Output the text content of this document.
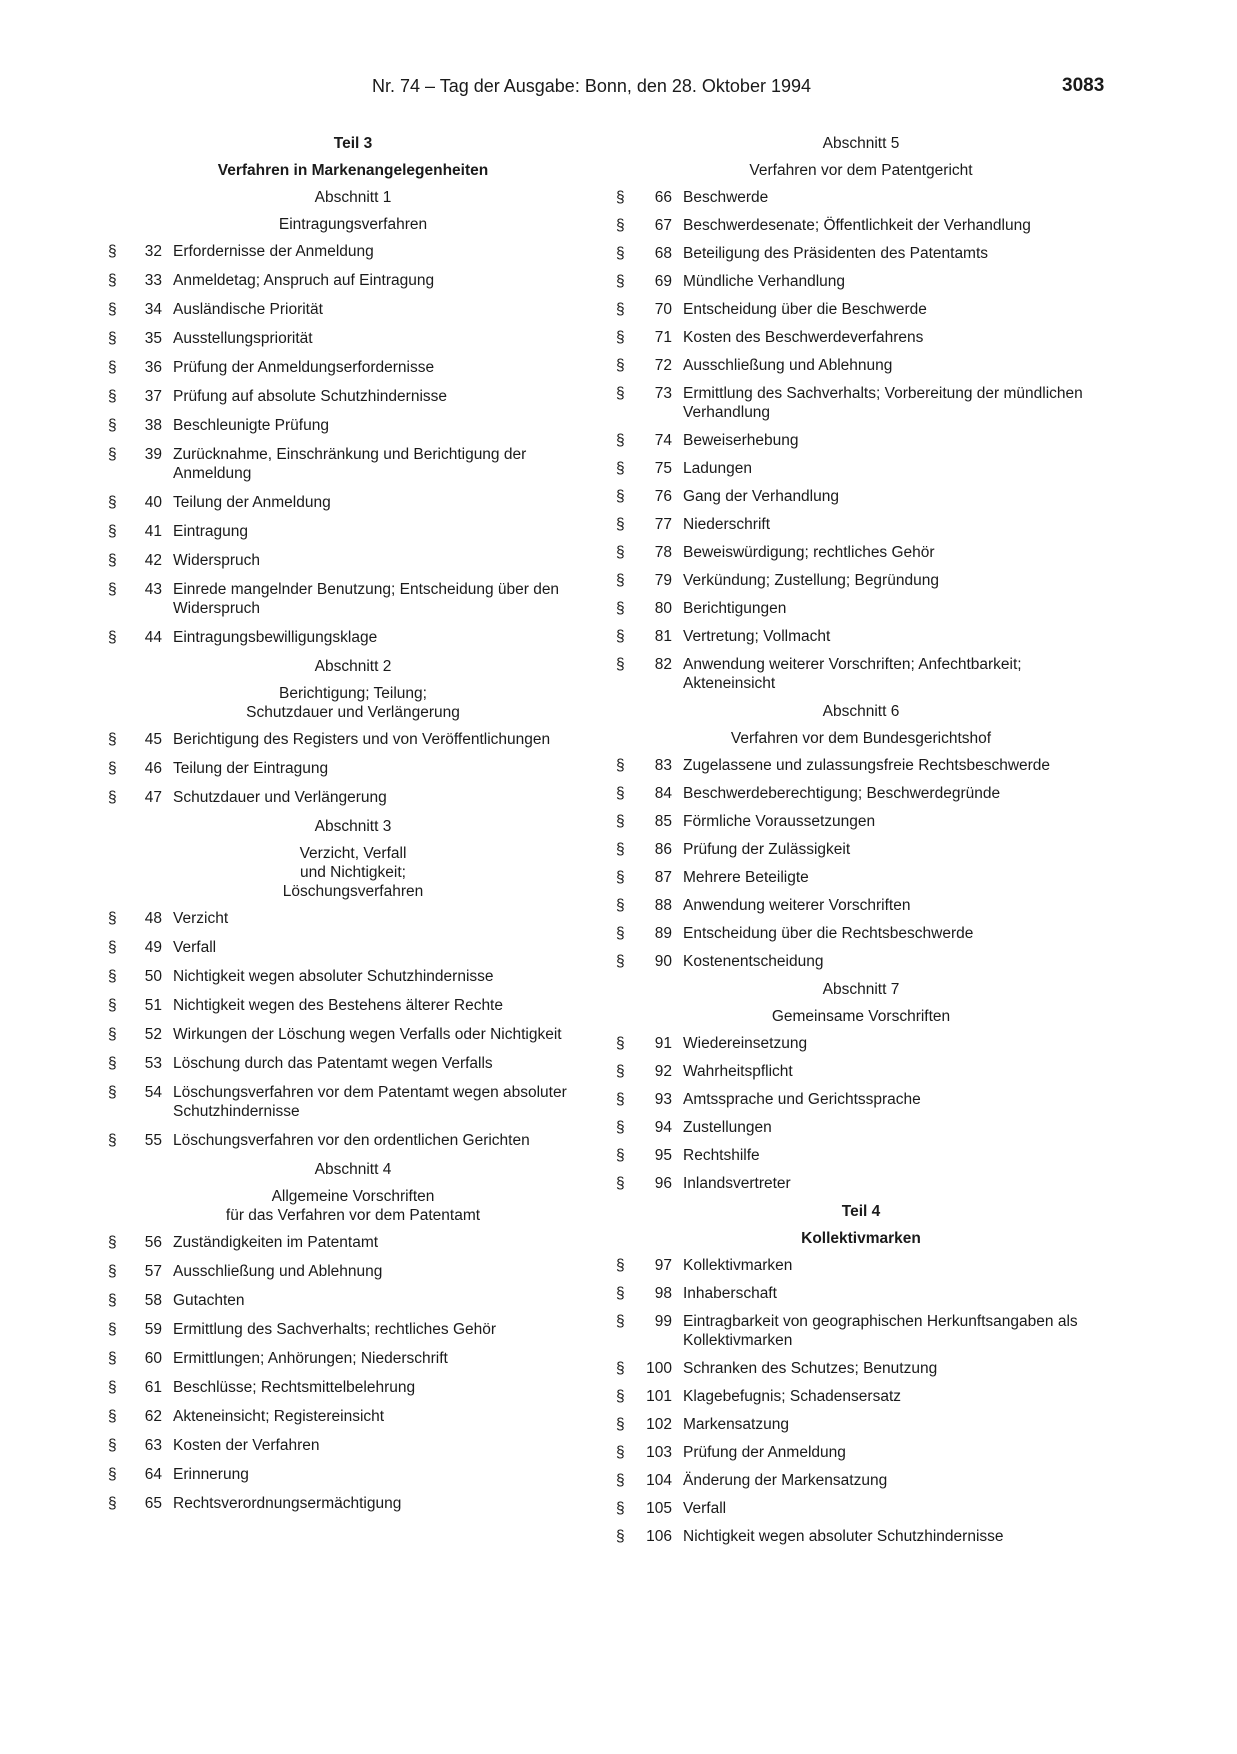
Nr. 74 – Tag der Ausgabe: Bonn, den 28. Oktober 1994	3083
Teil 3
Verfahren in Markenangelegenheiten
Abschnitt 1
Eintragungsverfahren
§	32 Erfordernisse der Anmeldung
§	33 Anmeldetag; Anspruch auf Eintragung
§	34 Ausländische Priorität
§	35 Ausstellungspriorität
§	36 Prüfung der Anmeldungserfordernisse
§	37 Prüfung auf absolute Schutzhindernisse
§	38 Beschleunigte Prüfung
§	39 Zurücknahme, Einschränkung und Berichtigung der Anmeldung
§	40 Teilung der Anmeldung
§	41 Eintragung
§	42 Widerspruch
§	43 Einrede mangelnder Benutzung; Entscheidung über den Widerspruch
§	44 Eintragungsbewilligungsklage
Abschnitt 2
Berichtigung; Teilung;
Schutzdauer und Verlängerung
§	45 Berichtigung des Registers und von Veröffentlichungen
§	46 Teilung der Eintragung
§	47 Schutzdauer und Verlängerung
Abschnitt 3
Verzicht, Verfall
und Nichtigkeit;
Löschungsverfahren
§	48 Verzicht
§	49 Verfall
§	50 Nichtigkeit wegen absoluter Schutzhindernisse
§	51 Nichtigkeit wegen des Bestehens älterer Rechte
§	52 Wirkungen der Löschung wegen Verfalls oder Nichtigkeit
§	53 Löschung durch das Patentamt wegen Verfalls
§	54 Löschungsverfahren vor dem Patentamt wegen absoluter Schutzhindernisse
§	55 Löschungsverfahren vor den ordentlichen Gerichten
Abschnitt 4
Allgemeine Vorschriften
für das Verfahren vor dem Patentamt
§	56 Zuständigkeiten im Patentamt
§	57 Ausschließung und Ablehnung
§	58 Gutachten
§	59 Ermittlung des Sachverhalts; rechtliches Gehör
§	60 Ermittlungen; Anhörungen; Niederschrift
§	61 Beschlüsse; Rechtsmittelbelehrung
§	62 Akteneinsicht; Registereinsicht
§	63 Kosten der Verfahren
§	64 Erinnerung
§	65 Rechtsverordnungsermächtigung
Abschnitt 5
Verfahren vor dem Patentgericht
§	66 Beschwerde
§	67 Beschwerdesenate; Öffentlichkeit der Verhandlung
§	68 Beteiligung des Präsidenten des Patentamts
§	69 Mündliche Verhandlung
§	70 Entscheidung über die Beschwerde
§	71 Kosten des Beschwerdeverfahrens
§	72 Ausschließung und Ablehnung
§	73 Ermittlung des Sachverhalts; Vorbereitung der mündlichen Verhandlung
§	74 Beweiserhebung
§	75 Ladungen
§	76 Gang der Verhandlung
§	77 Niederschrift
§	78 Beweiswürdigung; rechtliches Gehör
§	79 Verkündung; Zustellung; Begründung
§	80 Berichtigungen
§	81 Vertretung; Vollmacht
§	82 Anwendung weiterer Vorschriften; Anfechtbarkeit; Akteneinsicht
Abschnitt 6
Verfahren vor dem Bundesgerichtshof
§	83 Zugelassene und zulassungsfreie Rechtsbeschwerde
§	84 Beschwerdeberechtigung; Beschwerdegründe
§	85 Förmliche Voraussetzungen
§	86 Prüfung der Zulässigkeit
§	87 Mehrere Beteiligte
§	88 Anwendung weiterer Vorschriften
§	89 Entscheidung über die Rechtsbeschwerde
§	90 Kostenentscheidung
Abschnitt 7
Gemeinsame Vorschriften
§	91 Wiedereinsetzung
§	92 Wahrheitspflicht
§	93 Amtssprache und Gerichtssprache
§	94 Zustellungen
§	95 Rechtshilfe
§	96 Inlandsvertreter
Teil 4
Kollektivmarken
§	97 Kollektivmarken
§	98 Inhaberschaft
§	99 Eintragbarkeit von geographischen Herkunftsangaben als Kollektivmarken
§	100 Schranken des Schutzes; Benutzung
§	101 Klagebefugnis; Schadensersatz
§	102 Markensatzung
§	103 Prüfung der Anmeldung
§	104 Änderung der Markensatzung
§	105 Verfall
§	106 Nichtigkeit wegen absoluter Schutzhindernisse
